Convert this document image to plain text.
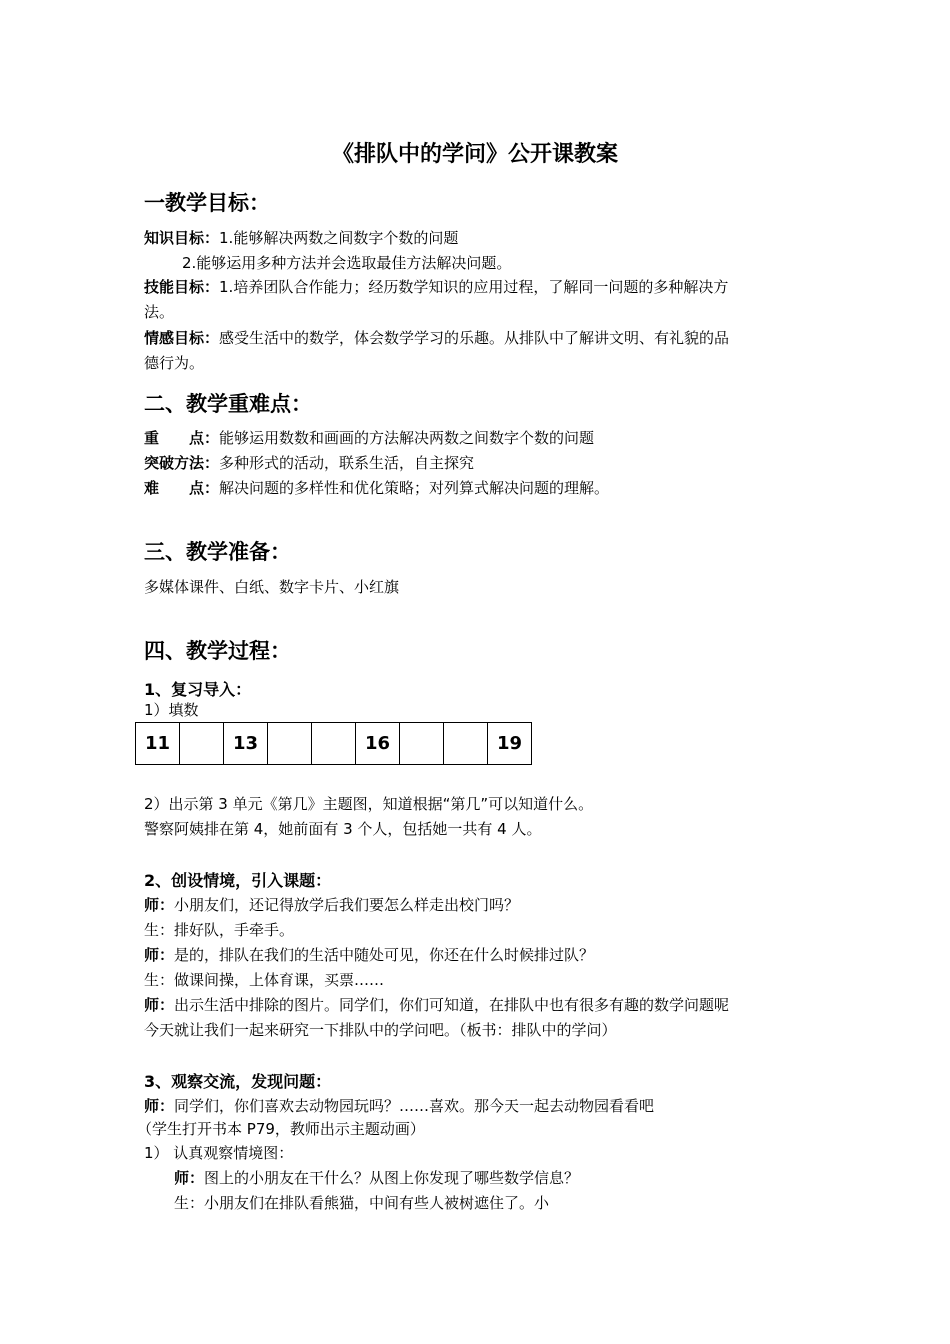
《排队中的学问》公开课教案
一教学目标：
知识目标：1.能够解决两数之间数字个数的问题
2.能够运用多种方法并会选取最佳方法解决问题。
技能目标：1.培养团队合作能力；经历数学知识的应用过程，了解同一问题的多种解决方
法。
情感目标：感受生活中的数学，体会数学学习的乐趣。从排队中了解讲文明、有礼貌的品
德行为。
二、教学重难点：
重　　点：能够运用数数和画画的方法解决两数之间数字个数的问题
突破方法：多种形式的活动，联系生活，自主探究
难　　点：解决问题的多样性和优化策略；对列算式解决问题的理解。
三、教学准备：
多媒体课件、白纸、数字卡片、小红旗
四、教学过程：
1、复习导入：
1）填数
11		13			16			19
2）出示第 3 单元《第几》主题图，知道根据“第几”可以知道什么。
警察阿姨排在第 4，她前面有 3 个人，包括她一共有 4 人。
2、创设情境，引入课题：
师：小朋友们，还记得放学后我们要怎么样走出校门吗？
生：排好队，手牵手。
师：是的，排队在我们的生活中随处可见，你还在什么时候排过队？
生：做课间操，上体育课，买票……
师：出示生活中排除的图片。同学们，你们可知道，在排队中也有很多有趣的数学问题呢
今天就让我们一起来研究一下排队中的学问吧。（板书：排队中的学问）
3、观察交流，发现问题：
师：同学们，你们喜欢去动物园玩吗？……喜欢。那今天一起去动物园看看吧
（学生打开书本 P79，教师出示主题动画）
1） 认真观察情境图：
师：图上的小朋友在干什么？从图上你发现了哪些数学信息？
生：小朋友们在排队看熊猫，中间有些人被树遮住了。小
